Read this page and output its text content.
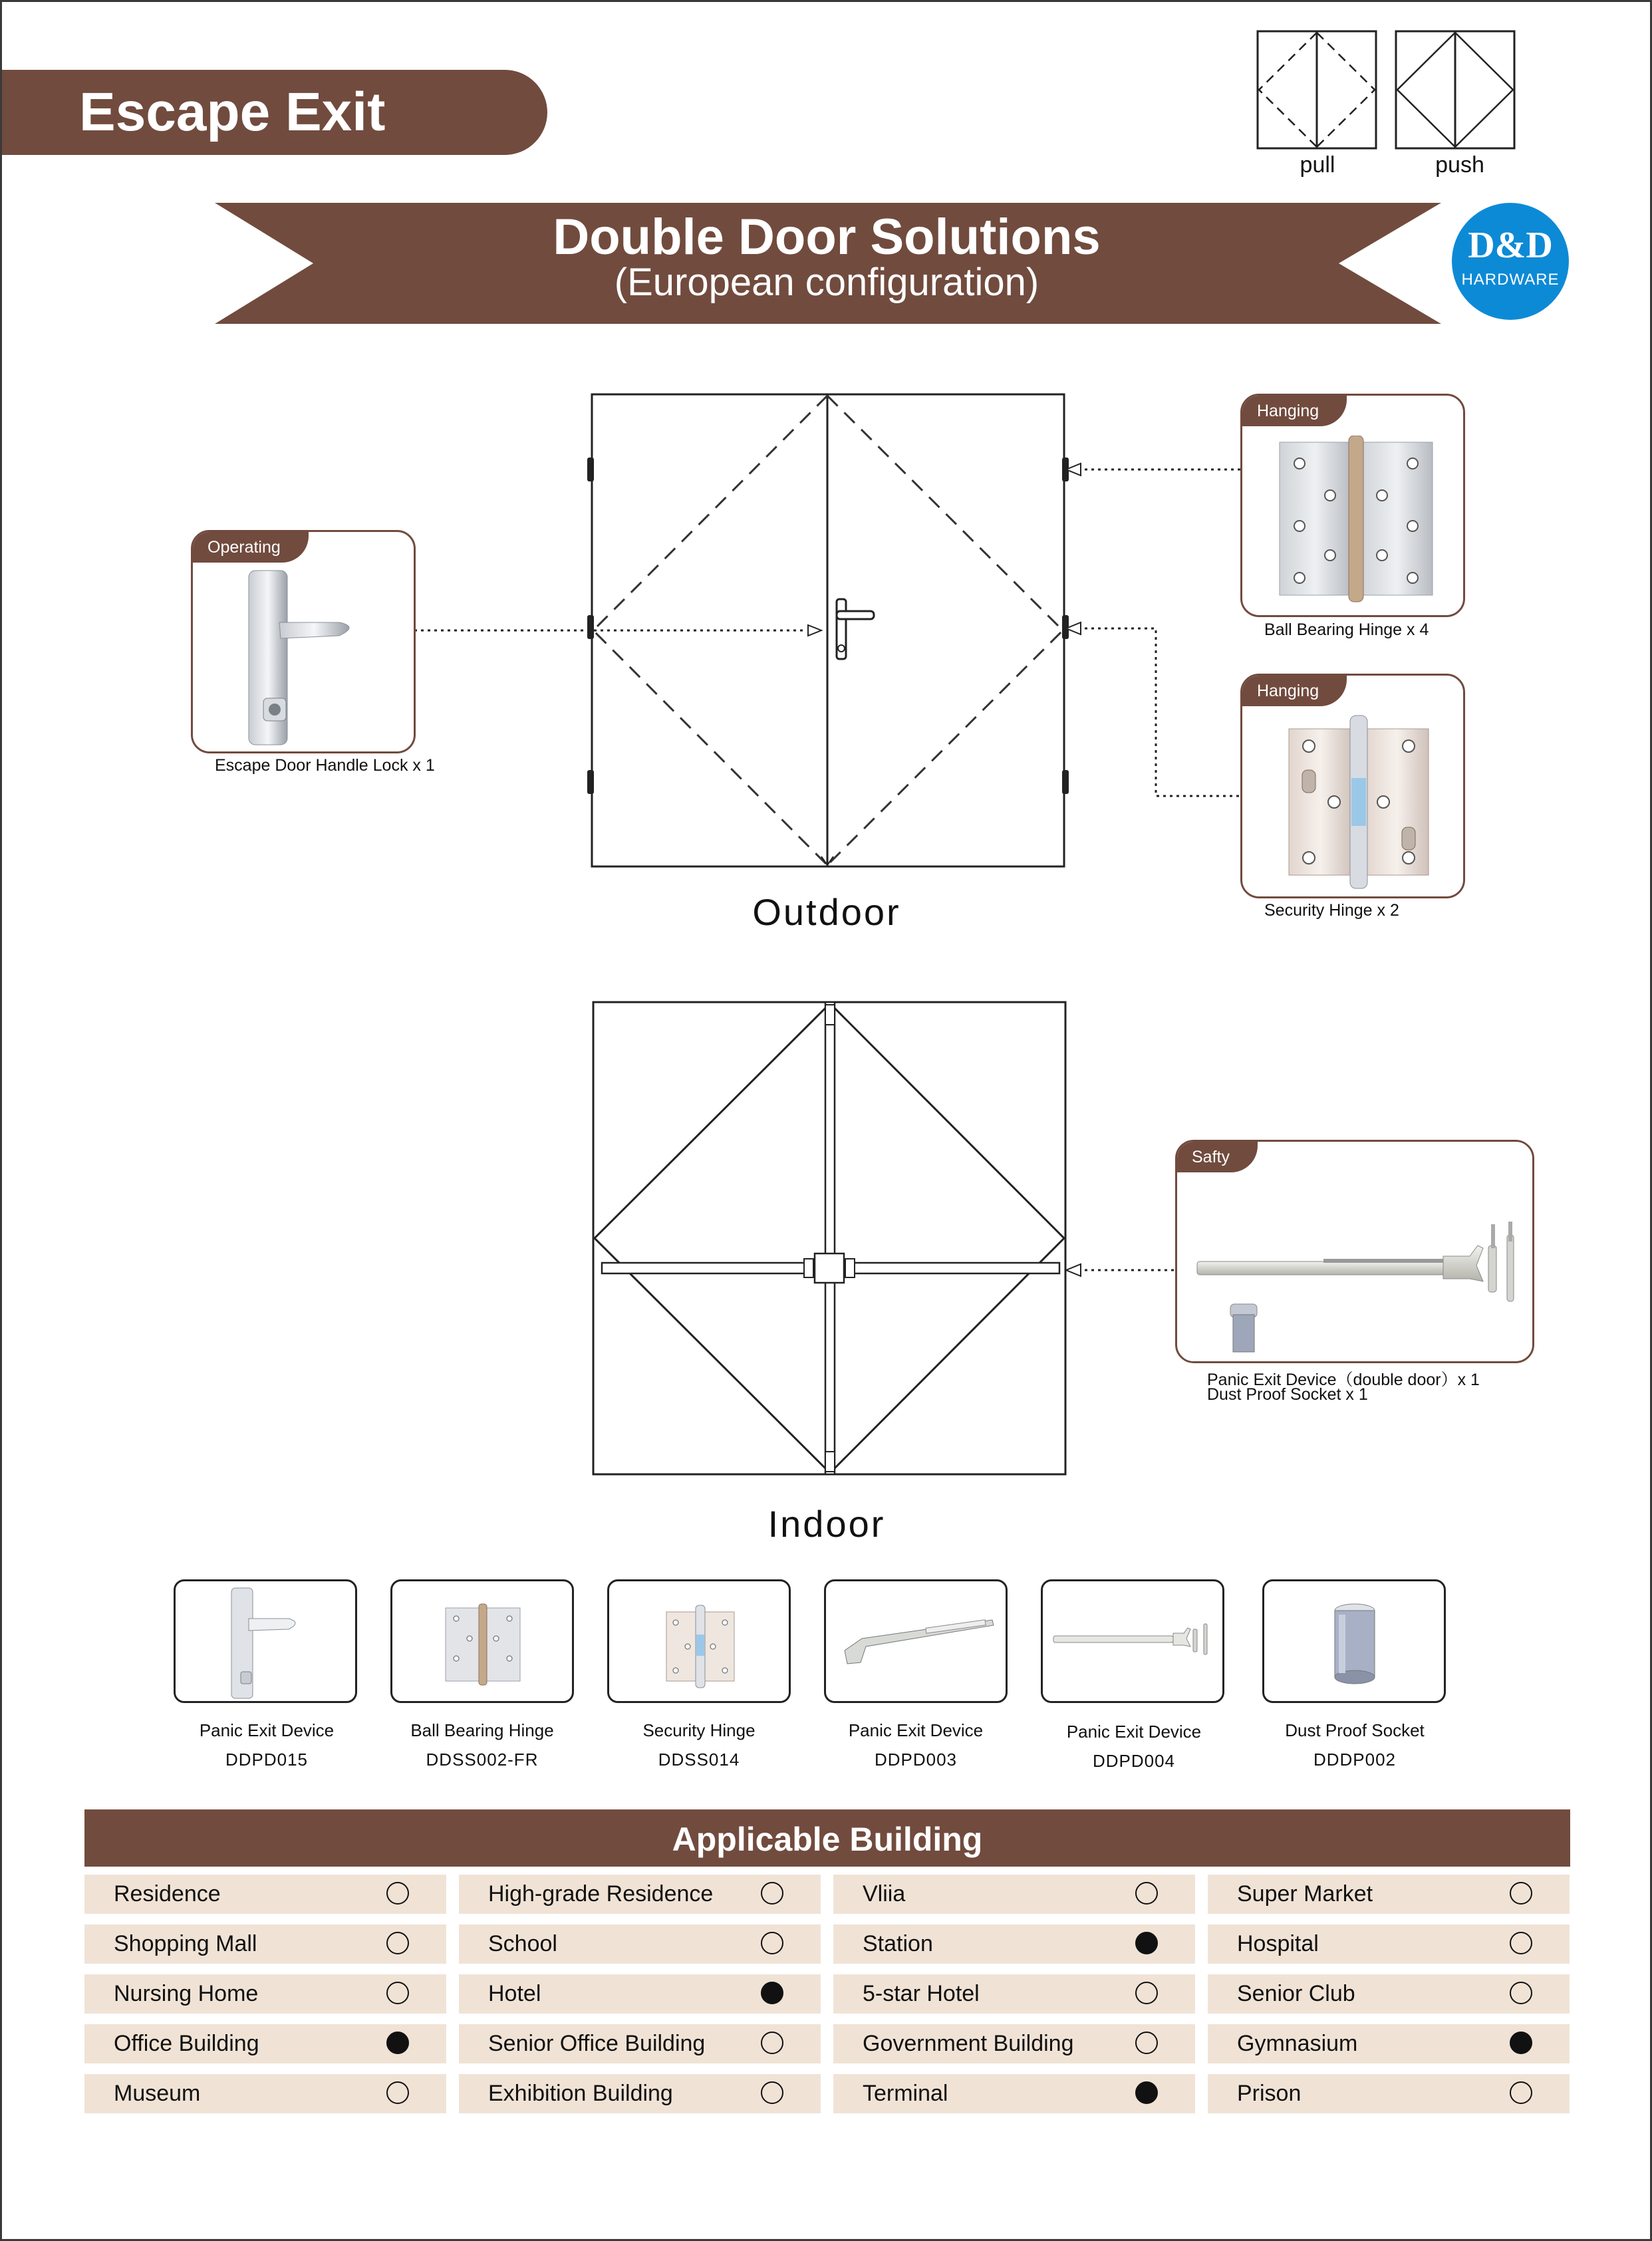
Escape Exit
pull	push
Double Door Solutions
(European configuration)
D&D
HARDWARE
Operating
Escape Door Handle Lock x 1
Hanging
Ball Bearing Hinge x 4
Hanging
Security Hinge x 2
Outdoor
Safty
Panic Exit Device（double door）x 1
Dust Proof Socket x 1
Indoor
Panic Exit Device
DDPD015
Ball Bearing Hinge
DDSS002-FR
Security Hinge
DDSS014
Panic Exit Device
DDPD003
Panic Exit Device
DDPD004
Dust Proof Socket
DDDP002
Applicable Building
Residence	High-grade Residence	Vliia	Super Market
Shopping Mall	School	Station	Hospital
Nursing Home	Hotel	5-star Hotel	Senior Club
Office Building	Senior Office Building	Government Building	Gymnasium
Museum	Exhibition Building	Terminal	Prison
